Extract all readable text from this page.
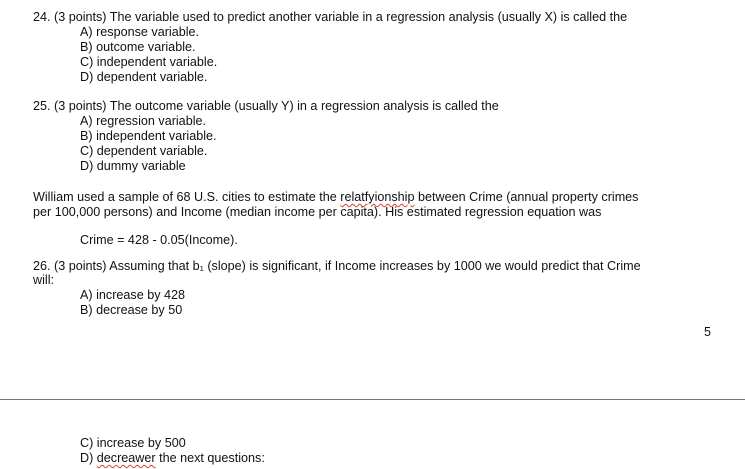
24. (3 points) The variable used to predict another variable in a regression analysis (usually X) is called the
A) response variable.
B) outcome variable.
C) independent variable.
D) dependent variable.
25. (3 points) The outcome variable (usually Y) in a regression analysis is called the
A) regression variable.
B) independent variable.
C) dependent variable.
D) dummy variable
William used a sample of 68 U.S. cities to estimate the relatfyionship between Crime (annual property crimes
per 100,000 persons) and Income (median income per capita). His estimated regression equation was
Crime = 428 - 0.05(Income).
26. (3 points) Assuming that b₁ (slope) is significant, if Income increases by 1000 we would predict that Crime
will:
A) increase by 428
B) decrease by 50
5
C) increase by 500
D) decreawer the next questions:
